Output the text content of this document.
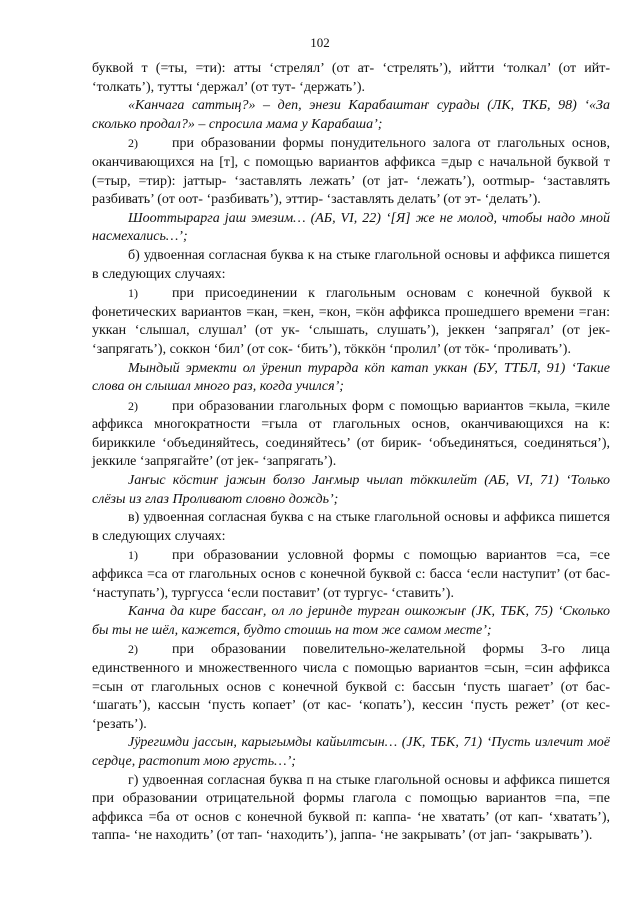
102

буквой т (=ты, =ти): атты ‘стрелял’ (от ат- ‘стрелять’), ийтти ‘толкал’ (от ийт- ‘толкать’), тутты ‘держал’ (от тут- ‘держать’).

«Канчага саттың?» – деп, энези Карабаштаҥ сурады (ЛК, ТКБ, 98) ‘«За сколько продал?» – спросила мама у Карабаша’;

2) при образовании формы понудительного залога от глагольных основ, оканчивающихся на [т], с помощью вариантов аффикса =дыр с начальной буквой т (=тыр, =тир): јаттыр- ‘заставлять лежать’ (от јат- ‘лежать’), оотmыр- ‘заставлять разбивать’ (от оот- ‘разбивать’), эттир- ‘заставлять делать’ (от эт- ‘делать’).

Шооттыраргa јаш эмезим… (АБ, VI, 22) ‘[Я] же не молод, чтобы надо мной насмехались…’;

б) удвоенная согласная буква к на стыке глагольной основы и аффикса пишется в следующих случаях:

1) при присоединении к глагольным основам с конечной буквой к фонетических вариантов =кан, =кен, =кон, =кӧн аффикса прошедшего времени =ган: уккан ‘слышал, слушал’ (от ук- ‘слышать, слушать’), јеккен ‘запрягал’ (от јек- ‘запрягать’), соккон ‘бил’ (от сок- ‘бить’), тӧккӧн ‘пролил’ (от тӧк- ‘проливать’).

Мындый эрмекти ол ӱренип турарда кӧп катап уккан (БУ, ТТБЛ, 91) ‘Такие слова он слышал много раз, когда учился’;

2) при образовании глагольных форм с помощью вариантов =кыла, =киле аффикса многократности =гыла от глагольных основ, оканчивающихся на к: бириккиле ‘объединяйтесь, соединяйтесь’ (от бирик- ‘объединяться, соединяться’), јеккиле ‘запрягайте’ (от јек- ‘запрягать’).

Јаҥыс кӧстиҥ јажын болзо Јаҥмыр чылап тӧккилейт (АБ, VI, 71) ‘Только слёзы из глаз Проливают словно дождь’;

в) удвоенная согласная буква с на стыке глагольной основы и аффикса пишется в следующих случаях:

1) при образовании условной формы с помощью вариантов =са, =се аффикса =са от глагольных основ с конечной буквой с: басса ‘если наступит’ (от бас- ‘наступать’), тургусса ‘если поставит’ (от тургус- ‘ставить’).

Канча да кире бассаҥ, ол ло јеринде турган ошкожыҥ (ЈК, ТБК, 75) ‘Сколько бы ты не шёл, кажется, будто стоишь на том же самом месте’;

2) при образовании повелительно-желательной формы 3-го лица единственного и множественного числа с помощью вариантов =сын, =син аффикса =сын от глагольных основ с конечной буквой с: бассын ‘пусть шагает’ (от бас- ‘шагать’), кассын ‘пусть копает’ (от кас- ‘копать’), кессин ‘пусть режет’ (от кес- ‘резать’).

Јӱрегимди јассын, карыгымды кайылтсын… (ЈК, ТБК, 71) ‘Пусть излечит моё сердце, растопит мою грусть…’;

г) удвоенная согласная буква п на стыке глагольной основы и аффикса пишется при образовании отрицательной формы глагола с помощью вариантов =па, =пе аффикса =ба от основ с конечной буквой п: каппа- ‘не хватать’ (от кап- ‘хватать’), таппа- ‘не находить’ (от тап- ‘находить’), јаппа- ‘не закрывать’ (от јап- ‘закрывать’).
